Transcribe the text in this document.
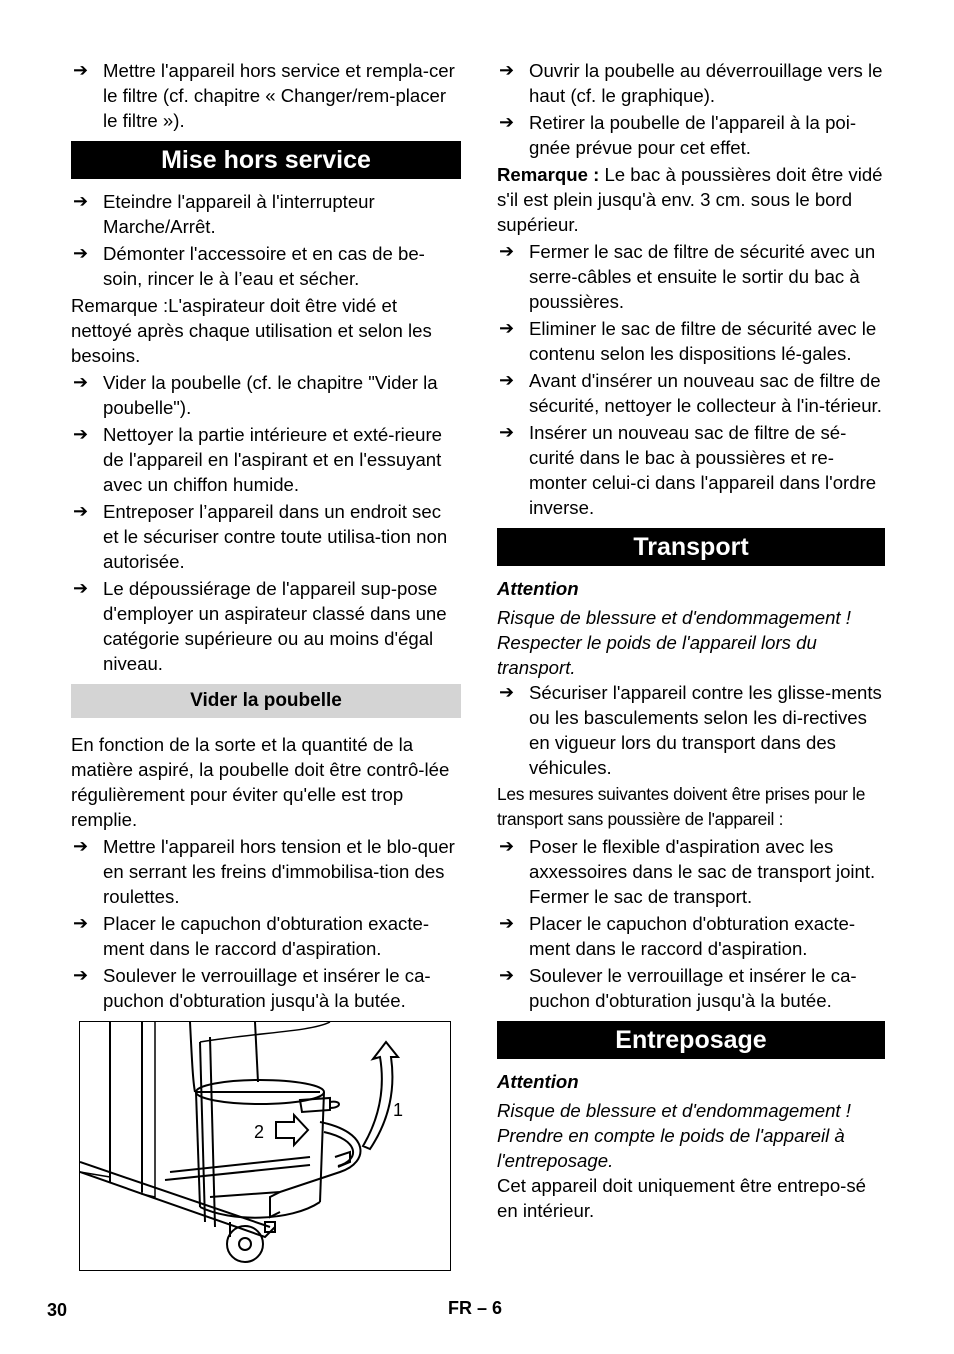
➔ Mettre l'appareil hors service et rempla-cer le filtre (cf. chapitre « Changer/rem-placer le filtre »).
Mise hors service
➔ Eteindre l'appareil à l'interrupteur Marche/Arrêt.
➔ Démonter l'accessoire et en cas de be-soin, rincer le à l’eau et sécher.

Remarque :L'aspirateur doit être vidé et nettoyé après chaque utilisation et selon les besoins.

➔ Vider la poubelle (cf. le chapitre "Vider la poubelle").
➔ Nettoyer la partie intérieure et exté-rieure de l'appareil en l'aspirant et en l'essuyant avec un chiffon humide.
➔ Entreposer l’appareil dans un endroit sec et le sécuriser contre toute utilisa-tion non autorisée.
➔ Le dépoussiérage de l'appareil sup-pose d'employer un aspirateur classé dans une catégorie supérieure ou au moins d'égal niveau.
Vider la poubelle

En fonction de la sorte et la quantité de la matière aspiré, la poubelle doit être contrô-lée régulièrement pour éviter qu'elle est trop remplie.

➔ Mettre l'appareil hors tension et le blo-quer en serrant les freins d'immobilisa-tion des roulettes.
➔ Placer le capuchon d'obturation exacte-ment dans le raccord d'aspiration.
➔ Soulever le verrouillage et insérer le ca-puchon d'obturation jusqu'à la butée.
2
1
➔ Ouvrir la poubelle au déverrouillage vers le haut (cf. le graphique).
➔ Retirer la poubelle de l'appareil à la poi-gnée prévue pour cet effet.

Remarque : Le bac à poussières doit être vidé s'il est plein jusqu'à env. 3 cm. sous le bord supérieur.

➔ Fermer le sac de filtre de sécurité avec un serre-câbles et ensuite le sortir du bac à poussières.
➔ Eliminer le sac de filtre de sécurité avec le contenu selon les dispositions lé-gales.
➔ Avant d'insérer un nouveau sac de filtre de sécurité, nettoyer le collecteur à l'in-térieur.
➔ Insérer un nouveau sac de filtre de sé-curité dans le bac à poussières et re-monter celui-ci dans l'appareil dans l'ordre inverse.
Transport

Attention

Risque de blessure et d'endommagement ! Respecter le poids de l'appareil lors du transport.

➔ Sécuriser l'appareil contre les glisse-ments ou les basculements selon les di-rectives en vigueur lors du transport dans des véhicules.

Les mesures suivantes doivent être prises pour le transport sans poussière de l'appareil :

➔ Poser le flexible d'aspiration avec les axxessoires dans le sac de transport joint. Fermer le sac de transport.
➔ Placer le capuchon d'obturation exacte-ment dans le raccord d'aspiration.
➔ Soulever le verrouillage et insérer le ca-puchon d'obturation jusqu'à la butée.
Entreposage

Attention

Risque de blessure et d'endommagement ! Prendre en compte le poids de l'appareil à l'entreposage.

Cet appareil doit uniquement être entrepo-sé en intérieur.

30	FR – 6
